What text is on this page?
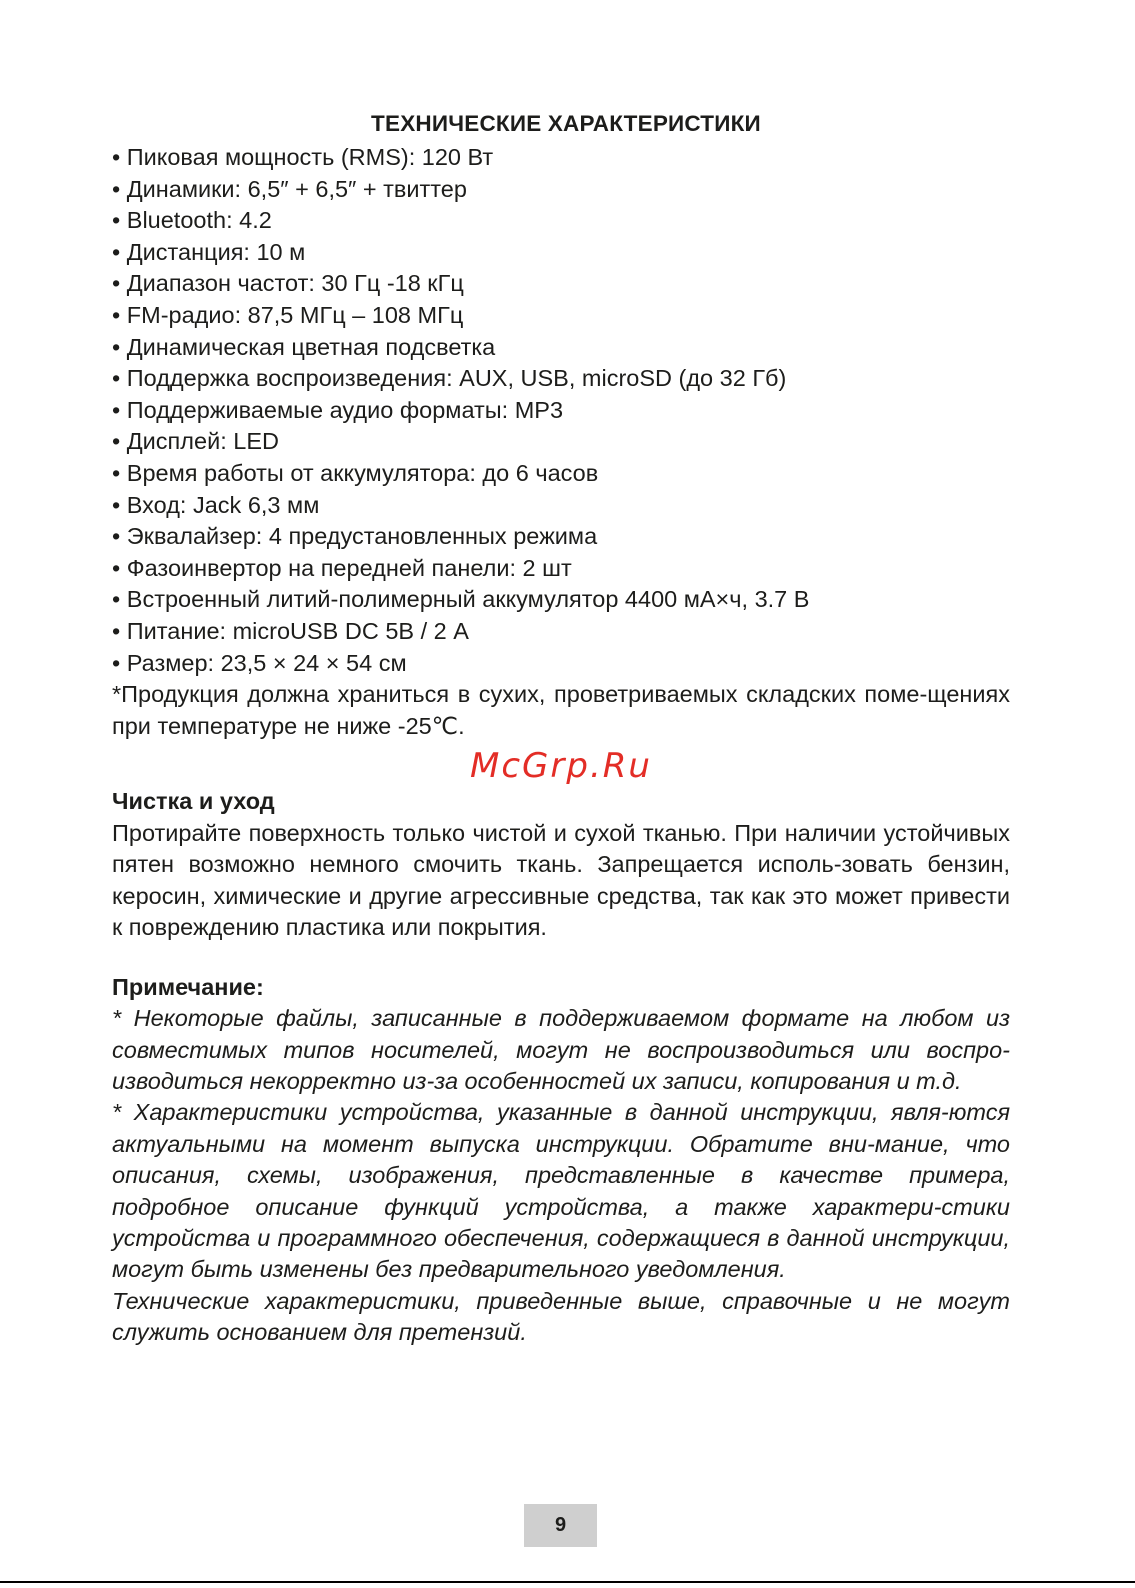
ТЕХНИЧЕСКИЕ ХАРАКТЕРИСТИКИ
• Пиковая мощность (RMS): 120 Вт
• Динамики: 6,5″ + 6,5″ + твиттер
• Bluetooth: 4.2
• Дистанция: 10 м
• Диапазон частот: 30 Гц -18 кГц
• FM-радио: 87,5 МГц – 108 МГц
• Динамическая цветная подсветка
• Поддержка воспроизведения: AUX, USB, microSD (до 32 Гб)
• Поддерживаемые аудио форматы: MP3
• Дисплей: LED
• Время работы от аккумулятора: до 6 часов
• Вход: Jack 6,3 мм
• Эквалайзер: 4 предустановленных режима
• Фазоинвертор на передней панели: 2 шт
• Встроенный литий-полимерный аккумулятор 4400 мА×ч, 3.7 В
• Питание: microUSB DC 5В / 2 А
• Размер: 23,5 × 24 × 54 см

*Продукция должна храниться в сухих, проветриваемых складских поме-щениях при температуре не ниже -25℃.

McGrp.Ru
Чистка и уход

Протирайте поверхность только чистой и сухой тканью. При наличии устойчивых пятен возможно немного смочить ткань. Запрещается исполь-зовать бензин, керосин, химические и другие агрессивные средства, так как это может привести к повреждению пластика или покрытия.

Примечание:

* Некоторые файлы, записанные в поддерживаемом формате на любом из совместимых типов носителей, могут не воспроизводиться или воспро-изводиться некорректно из-за особенностей их записи, копирования и т.д.

* Характеристики устройства, указанные в данной инструкции, явля-ются актуальными на момент выпуска инструкции. Обратите вни-мание, что описания, схемы, изображения, представленные в качестве примера, подробное описание функций устройства, а также характери-стики устройства и программного обеспечения, содержащиеся в данной инструкции, могут быть изменены без предварительного уведомления.

Технические характеристики, приведенные выше, справочные и не могут служить основанием для претензий.

9
